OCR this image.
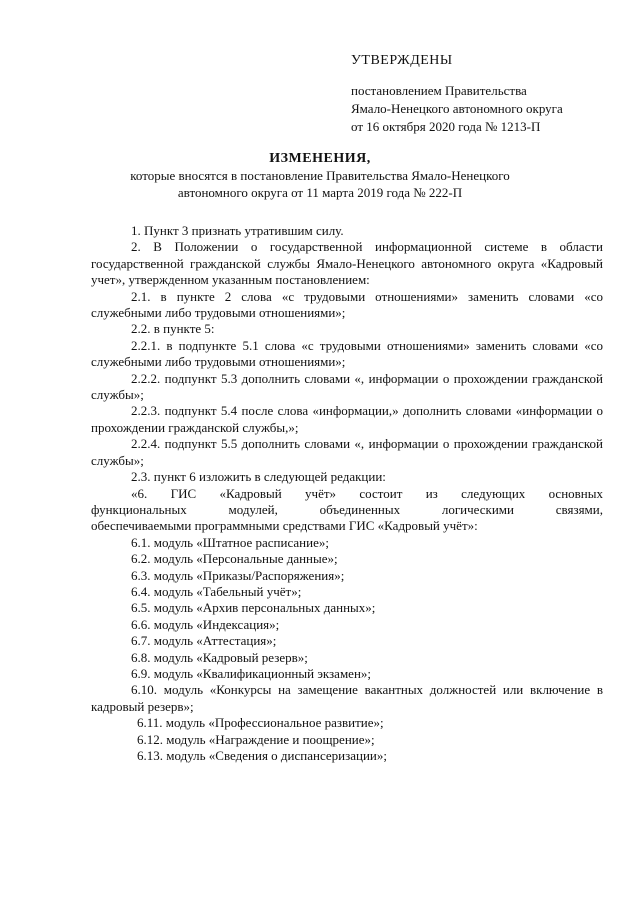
УТВЕРЖДЕНЫ
постановлением Правительства
Ямало-Ненецкого автономного округа
от 16 октября 2020 года № 1213-П
ИЗМЕНЕНИЯ,
которые вносятся в постановление Правительства Ямало-Ненецкого
автономного округа от 11 марта 2019 года № 222-П

1. Пункт 3 признать утратившим силу.

2. В Положении о государственной информационной системе в области государственной гражданской службы Ямало-Ненецкого автономного округа «Кадровый учет», утвержденном указанным постановлением:

2.1. в пункте 2 слова «с трудовыми отношениями» заменить словами «со служебными либо трудовыми отношениями»;

2.2. в пункте 5:

2.2.1. в подпункте 5.1 слова «с трудовыми отношениями» заменить словами «со служебными либо трудовыми отношениями»;

2.2.2. подпункт 5.3 дополнить словами «, информации о прохождении гражданской службы»;

2.2.3. подпункт 5.4 после слова «информации,» дополнить словами «информации о прохождении гражданской службы,»;

2.2.4. подпункт 5.5 дополнить словами «, информации о прохождении гражданской службы»;

2.3. пункт 6 изложить в следующей редакции:

«6. ГИС «Кадровый учёт» состоит из следующих основных

функциональных модулей, объединенных логическими связями,

обеспечиваемыми программными средствами ГИС «Кадровый учёт»:

6.1. модуль «Штатное расписание»;

6.2. модуль «Персональные данные»;

6.3. модуль «Приказы/Распоряжения»;

6.4. модуль «Табельный учёт»;

6.5. модуль «Архив персональных данных»;

6.6. модуль «Индексация»;

6.7. модуль «Аттестация»;

6.8. модуль «Кадровый резерв»;

6.9. модуль «Квалификационный экзамен»;

6.10. модуль «Конкурсы на замещение вакантных должностей или включение в кадровый резерв»;

6.11. модуль «Профессиональное развитие»;

6.12. модуль «Награждение и поощрение»;

6.13. модуль «Сведения о диспансеризации»;
